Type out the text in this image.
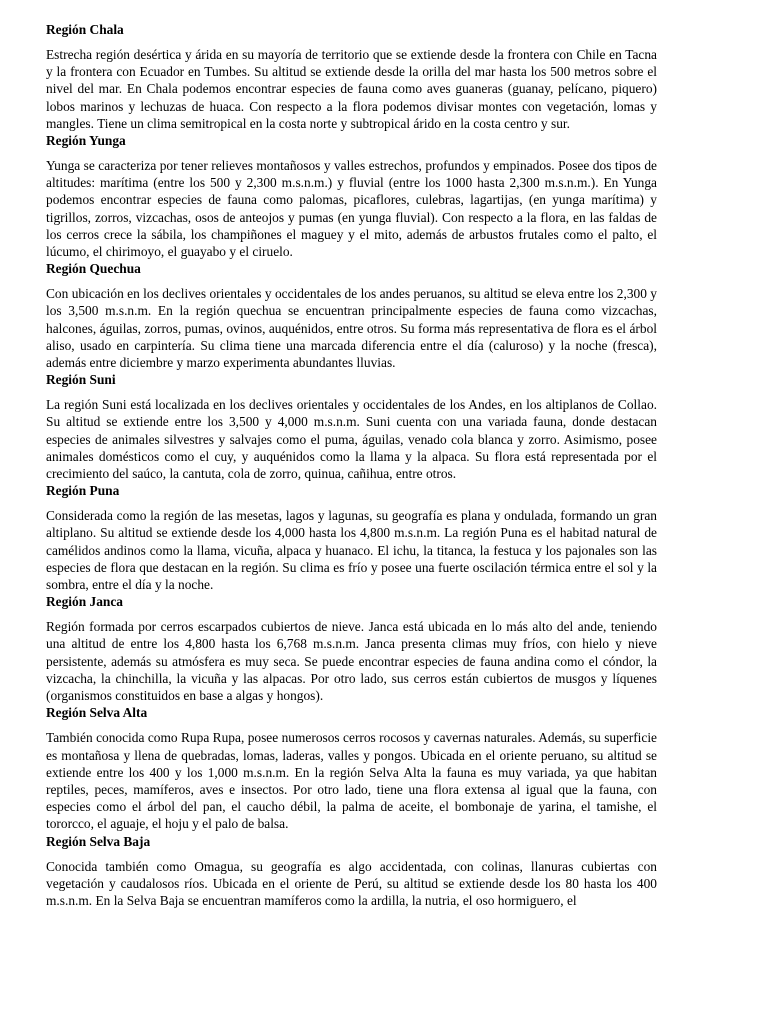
Región Chala
Estrecha región desértica y árida en su mayoría de territorio que se extiende desde la frontera con Chile en Tacna y la frontera con Ecuador en Tumbes. Su altitud se extiende desde la orilla del mar hasta los 500 metros sobre el nivel del mar. En Chala podemos encontrar especies de fauna como aves guaneras (guanay, pelícano, piquero) lobos marinos y lechuzas de huaca. Con respecto a la flora podemos divisar montes con vegetación, lomas y mangles. Tiene un clima semitropical en la costa norte y subtropical árido en la costa centro y sur.
Región Yunga
Yunga se caracteriza por tener relieves montañosos y valles estrechos, profundos y empinados. Posee dos tipos de altitudes: marítima (entre los 500 y 2,300 m.s.n.m.) y fluvial (entre los 1000 hasta 2,300 m.s.n.m.). En Yunga podemos encontrar especies de fauna como palomas, picaflores, culebras, lagartijas, (en yunga marítima) y tigrillos, zorros, vizcachas, osos de anteojos y pumas (en yunga fluvial). Con respecto a la flora, en las faldas de los cerros crece la sábila, los champiñones el maguey y el mito, además de arbustos frutales como el palto, el lúcumo, el chirimoyo, el guayabo y el ciruelo.
Región Quechua
Con ubicación en los declives orientales y occidentales de los andes peruanos, su altitud se eleva entre los 2,300 y los 3,500 m.s.n.m. En la región quechua se encuentran principalmente especies de fauna como vizcachas, halcones, águilas, zorros, pumas, ovinos, auquénidos, entre otros. Su forma más representativa de flora es el árbol aliso, usado en carpintería. Su clima tiene una marcada diferencia entre el día (caluroso) y la noche (fresca), además entre diciembre y marzo experimenta abundantes lluvias.
Región Suni
La región Suni está localizada en los declives orientales y occidentales de los Andes, en los altiplanos de Collao. Su altitud se extiende entre los 3,500 y 4,000 m.s.n.m. Suni cuenta con una variada fauna, donde destacan especies de animales silvestres y salvajes como el puma, águilas, venado cola blanca y zorro. Asimismo, posee animales domésticos como el cuy, y auquénidos como la llama y la alpaca. Su flora está representada por el crecimiento del saúco, la cantuta, cola de zorro, quinua, cañihua, entre otros.
Región Puna
Considerada como la región de las mesetas, lagos y lagunas, su geografía es plana y ondulada, formando un gran altiplano. Su altitud se extiende desde los 4,000 hasta los 4,800 m.s.n.m. La región Puna es el habitad natural de camélidos andinos como la llama, vicuña, alpaca y huanaco. El ichu, la titanca, la festuca y los pajonales son las especies de flora que destacan en la región. Su clima es frío y posee una fuerte oscilación térmica entre el sol y la sombra, entre el día y la noche.
Región Janca
Región formada por cerros escarpados cubiertos de nieve. Janca está ubicada en lo más alto del ande, teniendo una altitud de entre los 4,800 hasta los 6,768 m.s.n.m. Janca presenta climas muy fríos, con hielo y nieve persistente, además su atmósfera es muy seca. Se puede encontrar especies de fauna andina como el cóndor, la vizcacha, la chinchilla, la vicuña y las alpacas. Por otro lado, sus cerros están cubiertos de musgos y líquenes (organismos constituidos en base a algas y hongos).
Región Selva Alta
También conocida como Rupa Rupa, posee numerosos cerros rocosos y cavernas naturales. Además, su superficie es montañosa y llena de quebradas, lomas, laderas, valles y pongos. Ubicada en el oriente peruano, su altitud se extiende entre los 400 y los 1,000 m.s.n.m. En la región Selva Alta la fauna es muy variada, ya que habitan reptiles, peces, mamíferos, aves e insectos. Por otro lado, tiene una flora extensa al igual que la fauna, con especies como el árbol del pan, el caucho débil, la palma de aceite, el bombonaje de yarina, el tamishe, el tororcco, el aguaje, el hoju y el palo de balsa.
Región Selva Baja
Conocida también como Omagua, su geografía es algo accidentada, con colinas, llanuras cubiertas con vegetación y caudalosos ríos. Ubicada en el oriente de Perú, su altitud se extiende desde los 80 hasta los 400 m.s.n.m. En la Selva Baja se encuentran mamíferos como la ardilla, la nutria, el oso hormiguero, el
